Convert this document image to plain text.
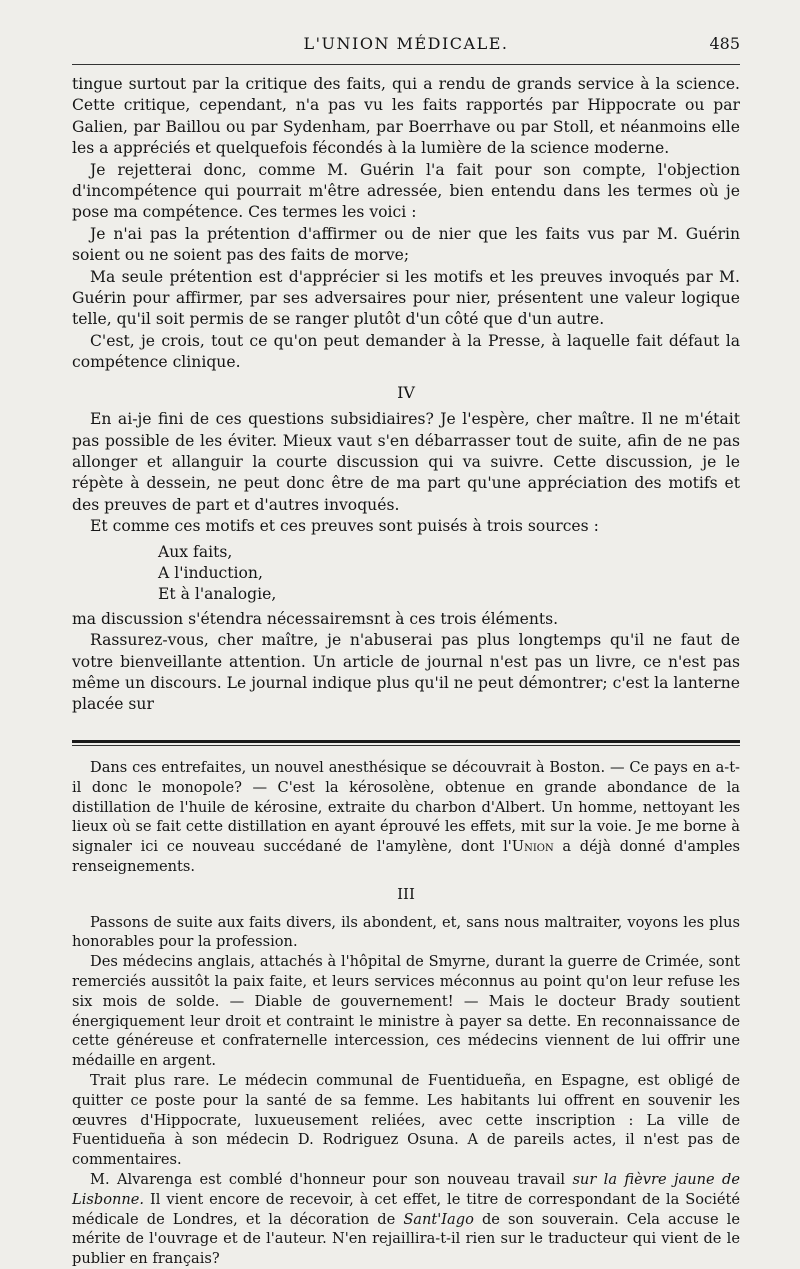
L'UNION MÉDICALE.	485

tingue surtout par la critique des faits, qui a rendu de grands service à la science. Cette critique, cependant, n'a pas vu les faits rapportés par Hippocrate ou par Galien, par Baillou ou par Sydenham, par Boerrhave ou par Stoll, et néanmoins elle les a appréciés et quelquefois fécondés à la lumière de la science moderne.

Je rejetterai donc, comme M. Guérin l'a fait pour son compte, l'objection d'incompétence qui pourrait m'être adressée, bien entendu dans les termes où je pose ma compétence. Ces termes les voici :

Je n'ai pas la prétention d'affirmer ou de nier que les faits vus par M. Guérin soient ou ne soient pas des faits de morve;

Ma seule prétention est d'apprécier si les motifs et les preuves invoqués par M. Guérin pour affirmer, par ses adversaires pour nier, présentent une valeur logique telle, qu'il soit permis de se ranger plutôt d'un côté que d'un autre.

C'est, je crois, tout ce qu'on peut demander à la Presse, à laquelle fait défaut la compétence clinique.

IV

En ai-je fini de ces questions subsidiaires? Je l'espère, cher maître. Il ne m'était pas possible de les éviter. Mieux vaut s'en débarrasser tout de suite, afin de ne pas allonger et allanguir la courte discussion qui va suivre. Cette discussion, je le répète à dessein, ne peut donc être de ma part qu'une appréciation des motifs et des preuves de part et d'autres invoqués.

Et comme ces motifs et ces preuves sont puisés à trois sources :

Aux faits,
A l'induction,
Et à l'analogie,

ma discussion s'étendra nécessairemsnt à ces trois éléments.

Rassurez-vous, cher maître, je n'abuserai pas plus longtemps qu'il ne faut de votre bienveillante attention. Un article de journal n'est pas un livre, ce n'est pas même un discours. Le journal indique plus qu'il ne peut démontrer; c'est la lanterne placée sur

Dans ces entrefaites, un nouvel anesthésique se découvrait à Boston. — Ce pays en a-t-il donc le monopole? — C'est la kérosolène, obtenue en grande abondance de la distillation de l'huile de kérosine, extraite du charbon d'Albert. Un homme, nettoyant les lieux où se fait cette distillation en ayant éprouvé les effets, mit sur la voie. Je me borne à signaler ici ce nouveau succédané de l'amylène, dont l'Union a déjà donné d'amples renseignements.

III

Passons de suite aux faits divers, ils abondent, et, sans nous maltraiter, voyons les plus honorables pour la profession.

Des médecins anglais, attachés à l'hôpital de Smyrne, durant la guerre de Crimée, sont remerciés aussitôt la paix faite, et leurs services méconnus au point qu'on leur refuse les six mois de solde. — Diable de gouvernement! — Mais le docteur Brady soutient énergiquement leur droit et contraint le ministre à payer sa dette. En reconnaissance de cette généreuse et confraternelle intercession, ces médecins viennent de lui offrir une médaille en argent.

Trait plus rare. Le médecin communal de Fuentidueña, en Espagne, est obligé de quitter ce poste pour la santé de sa femme. Les habitants lui offrent en souvenir les œuvres d'Hippocrate, luxueusement reliées, avec cette inscription : La ville de Fuentidueña à son médecin D. Rodriguez Osuna. A de pareils actes, il n'est pas de commentaires.

M. Alvarenga est comblé d'honneur pour son nouveau travail sur la fièvre jaune de Lisbonne. Il vient encore de recevoir, à cet effet, le titre de correspondant de la Société médicale de Londres, et la décoration de Sant'Iago de son souverain. Cela accuse le mérite de l'ouvrage et de l'auteur. N'en rejaillira-t-il rien sur le traducteur qui vient de le publier en français?
